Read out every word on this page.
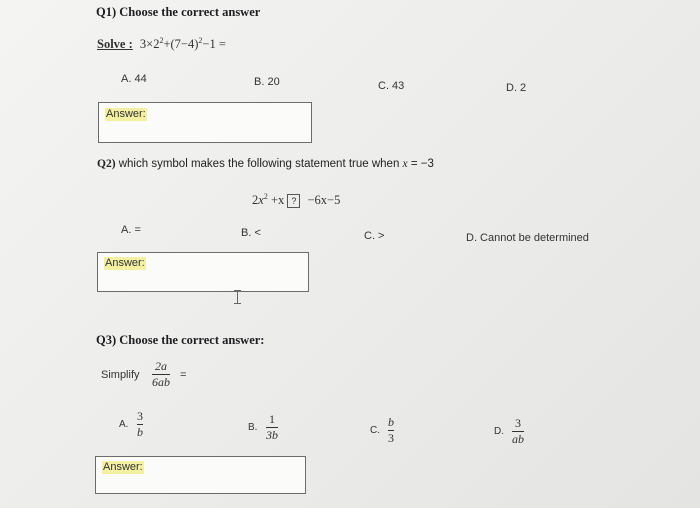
Q1) Choose the correct answer
Solve : $3\times 2^2+(7-4)^2-1$ =
A. 44	B. 20	C. 43	D. 2
Answer:
Q2) which symbol makes the following statement true when x = −3
$2x^2 +x$ ? −6x−5
A. =	B. <	C. >	D. Cannot be determined
Answer:
Q3) Choose the correct answer:
Simplify
2a
6ab =
A.
3
b	B.
1
3b	C.
b
3	D.
3
ab
Answer:
